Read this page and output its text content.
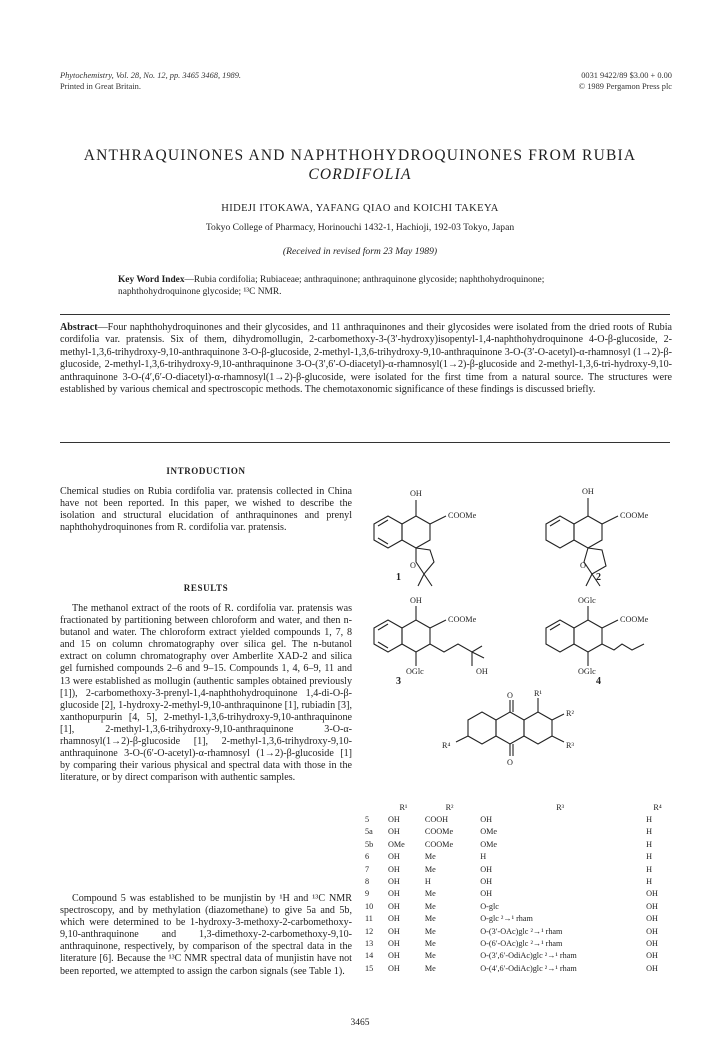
Phytochemistry, Vol. 28, No. 12, pp. 3465 3468, 1989.
Printed in Great Britain.
0031 9422/89 $3.00 + 0.00
© 1989 Pergamon Press plc
ANTHRAQUINONES AND NAPHTHOHYDROQUINONES FROM RUBIA
CORDIFOLIA
HIDEJI ITOKAWA, YAFANG QIAO and KOICHI TAKEYA
Tokyo College of Pharmacy, Horinouchi 1432-1, Hachioji, 192-03 Tokyo, Japan
(Received in revised form 23 May 1989)
Key Word Index—Rubia cordifolia; Rubiaceae; anthraquinone; anthraquinone glycoside; naphthohydroquinone; naphthohydroquinone glycoside; ¹³C NMR.
Abstract—Four naphthohydroquinones and their glycosides, and 11 anthraquinones and their glycosides were isolated from the dried roots of Rubia cordifolia var. pratensis. Six of them, dihydromollugin, 2-carbomethoxy-3-(3′-hydroxy)isopentyl-1,4-naphthohydroquinone 4-O-β-glucoside, 2-methyl-1,3,6-trihydroxy-9,10-anthraquinone 3-O-β-glucoside, 2-methyl-1,3,6-trihydroxy-9,10-anthraquinone 3-O-(3′-O-acetyl)-α-rhamnosyl (1→2)-β-glucoside, 2-methyl-1,3,6-trihydroxy-9,10-anthraquinone 3-O-(3′,6′-O-diacetyl)-α-rhamnosyl(1→2)-β-glucoside and 2-methyl-1,3,6-tri-hydroxy-9,10-anthraquinone 3-O-(4′,6′-O-diacetyl)-α-rhamnosyl(1→2)-β-glucoside, were isolated for the first time from a natural source. The structures were established by various chemical and spectroscopic methods. The chemotaxonomic significance of these findings is discussed briefly.
INTRODUCTION
Chemical studies on Rubia cordifolia var. pratensis collected in China have not been reported. In this paper, we wished to describe the isolation and structural elucidation of anthraquinones and prenyl naphthohydroquinones from R. cordifolia var. pratensis.
RESULTS
The methanol extract of the roots of R. cordifolia var. pratensis was fractionated by partitioning between chloroform and water, and then n-butanol and water. The chloroform extract yielded compounds 1, 7, 8 and 15 on column chromatography over silica gel. The n-butanol extract on column chromatography over Amberlite XAD-2 and silica gel furnished compounds 2–6 and 9–15. Compounds 1, 4, 6–9, 11 and 13 were established as mollugin (authentic samples obtained previously [1]), 2-carbomethoxy-3-prenyl-1,4-naphthohydroquinone 1,4-di-O-β-glucoside [2], 1-hydroxy-2-methyl-9,10-anthraquinone [1], rubiadin [3], xanthopurpurin [4, 5], 2-methyl-1,3,6-trihydroxy-9,10-anthraquinone [1], 2-methyl-1,3,6-trihydroxy-9,10-anthraquinone 3-O-α-rhamnosyl(1→2)-β-glucoside [1], 2-methyl-1,3,6-trihydroxy-9,10-anthraquinone 3-O-(6′-O-acetyl)-α-rhamnosyl (1→2)-β-glucoside [1] by comparing their various physical and spectral data with those in the literature, or by direct comparison with authentic samples.
Compound 5 was established to be munjistin by ¹H and ¹³C NMR spectroscopy, and by methylation (diazomethane) to give 5a and 5b, which were determined to be 1-hydroxy-3-methoxy-2-carbomethoxy-9,10-anthraquinone and 1,3-dimethoxy-2-carbomethoxy-9,10-anthraquinone, respectively, by comparison of the spectral data in the literature [6]. Because the ¹³C NMR spectral data of munjistin have not been reported, we attempted to assign the carbon signals (see Table 1).
OH
COOMe
O
OH
COOMe
O
OH
COOMe
OH
OGlc
OGlc
COOMe
OGlc
O
O
R¹
R²
R³
R⁴
1	2
3	4
	R¹	R²	R³	R⁴
5	OH	COOH	OH	H
5a	OH	COOMe	OMe	H
5b	OMe	COOMe	OMe	H
6	OH	Me	H	H
7	OH	Me	OH	H
8	OH	H	OH	H
9	OH	Me	OH	OH
10	OH	Me	O-glc	OH
11	OH	Me	O-glc ²→¹ rham	OH
12	OH	Me	O-(3′-OAc)glc ²→¹ rham	OH
13	OH	Me	O-(6′-OAc)glc ²→¹ rham	OH
14	OH	Me	O-(3′,6′-OdiAc)glc ²→¹ rham	OH
15	OH	Me	O-(4′,6′-OdiAc)glc ²→¹ rham	OH
3465
